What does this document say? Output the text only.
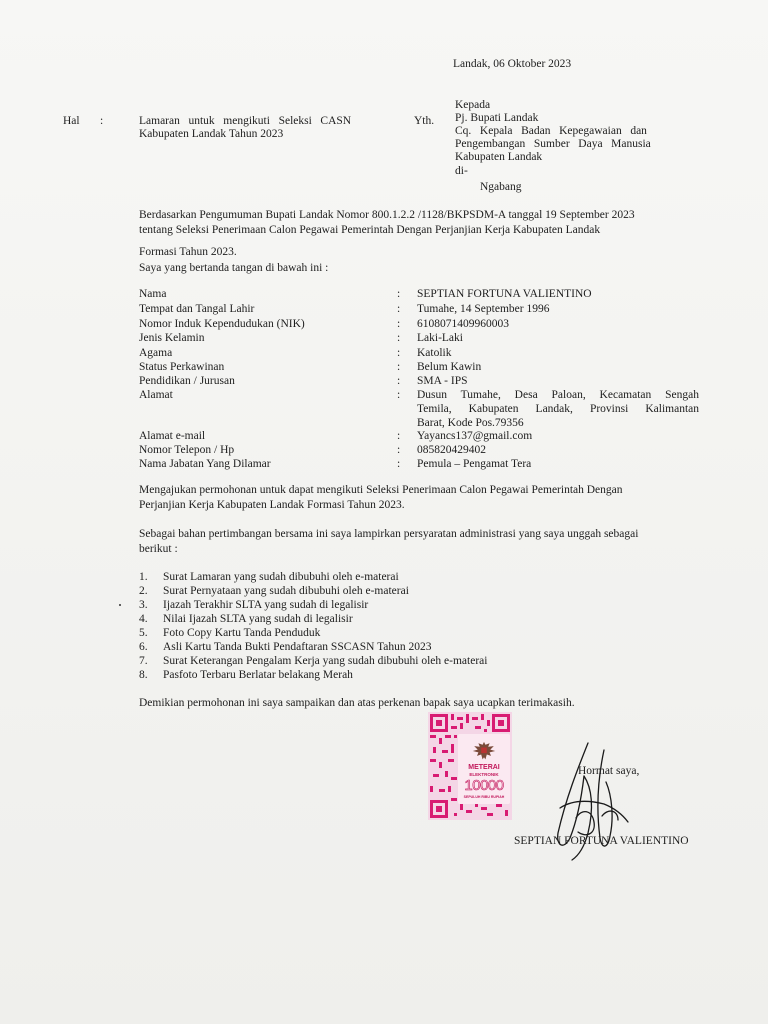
Landak, 06 Oktober 2023
Hal :	Lamaran   untuk   mengikuti   Seleksi   CASN
Kabupaten Landak Tahun 2023
Yth.
Kepada
Pj. Bupati Landak
Cq.   Kepala   Badan   Kepegawaian   dan
Pengembangan   Sumber   Daya   Manusia
Kabupaten Landak
di-
Ngabang
Berdasarkan Pengumuman Bupati Landak Nomor 800.1.2.2 /1128/BKPSDM-A tanggal 19 September 2023
tentang Seleksi Penerimaan Calon Pegawai Pemerintah Dengan Perjanjian Kerja Kabupaten Landak
Formasi Tahun 2023.
Saya yang bertanda tangan di bawah ini :
Nama	: SEPTIAN FORTUNA VALIENTINO
Tempat dan Tangal Lahir	: Tumahe, 14 September 1996
Nomor Induk Kependudukan (NIK)	: 6108071409960003
Jenis Kelamin	: Laki-Laki
Agama	: Katolik
Status Perkawinan	: Belum Kawin
Pendidikan / Jurusan	: SMA - IPS
Alamat	: Dusun Tumahe, Desa Paloan, Kecamatan Sengah
Temila, Kabupaten Landak, Provinsi Kalimantan
Barat, Kode Pos.79356
Alamat e-mail	: Yayancs137@gmail.com
Nomor Telepon / Hp	: 085820429402
Nama Jabatan Yang Dilamar	: Pemula – Pengamat Tera
Mengajukan permohonan untuk dapat mengikuti Seleksi Penerimaan Calon Pegawai Pemerintah Dengan
Perjanjian Kerja Kabupaten Landak Formasi Tahun 2023.
Sebagai bahan pertimbangan bersama ini saya lampirkan persyaratan administrasi yang saya unggah sebagai
berikut :
1. Surat Lamaran yang sudah dibubuhi oleh e-materai
2. Surat Pernyataan yang sudah dibubuhi oleh e-materai
3. Ijazah Terakhir SLTA yang sudah di legalisir
4. Nilai Ijazah SLTA yang sudah di legalisir
5. Foto Copy Kartu Tanda Penduduk
6. Asli Kartu Tanda Bukti Pendaftaran SSCASN Tahun 2023
7. Surat Keterangan Pengalam Kerja yang sudah dibubuhi oleh e-materai
8. Pasfoto Terbaru Berlatar belakang Merah
Demikian permohonan ini saya sampaikan dan atas perkenan bapak saya ucapkan terimakasih.
METERAI
ELEKTRONIK
10000
SEPULUH RIBU RUPIAH
Hormat saya,
SEPTIAN FORTUNA VALIENTINO
